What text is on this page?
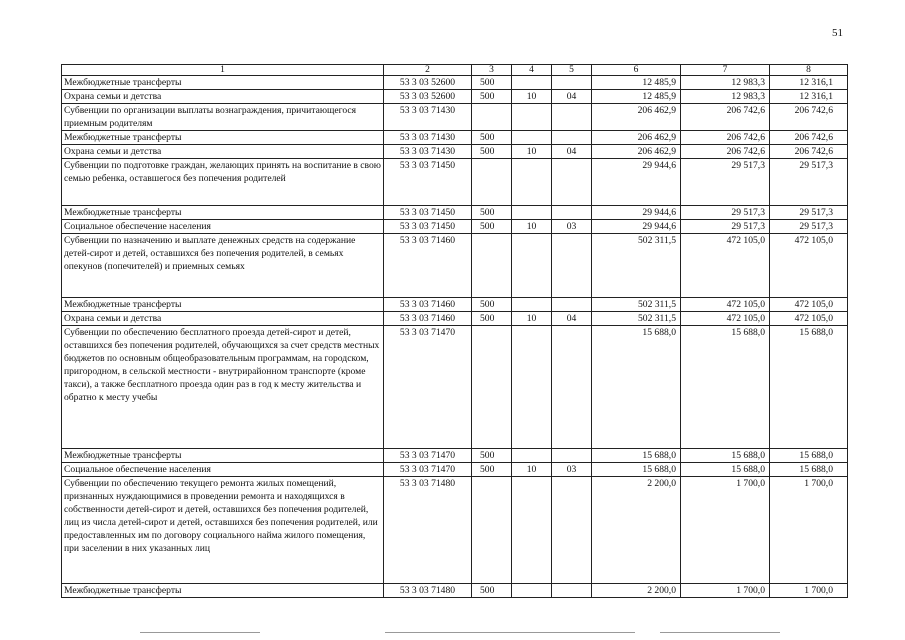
51
1	2	3	4	5	6	7	8
Межбюджетные трансферты	53 3 03 52600	500			12 485,9	12 983,3	12 316,1
Охрана семьи и детства	53 3 03 52600	500	10	04	12 485,9	12 983,3	12 316,1
Субвенции по организации выплаты вознаграждения, причитающегося приемным родителям	53 3 03 71430				206 462,9	206 742,6	206 742,6
Межбюджетные трансферты	53 3 03 71430	500			206 462,9	206 742,6	206 742,6
Охрана семьи и детства	53 3 03 71430	500	10	04	206 462,9	206 742,6	206 742,6
Субвенции по подготовке граждан, желающих принять на воспитание в свою семью ребенка, оставшегося без попечения родителей	53 3 03 71450				29 944,6	29 517,3	29 517,3
Межбюджетные трансферты	53 3 03 71450	500			29 944,6	29 517,3	29 517,3
Социальное обеспечение населения	53 3 03 71450	500	10	03	29 944,6	29 517,3	29 517,3
Субвенции по назначению и выплате денежных средств на содержание детей-сирот и детей, оставшихся без попечения родителей, в семьях опекунов (попечителей) и приемных семьях	53 3 03 71460				502 311,5	472 105,0	472 105,0
Межбюджетные трансферты	53 3 03 71460	500			502 311,5	472 105,0	472 105,0
Охрана семьи и детства	53 3 03 71460	500	10	04	502 311,5	472 105,0	472 105,0
Субвенции по обеспечению бесплатного проезда детей-сирот и детей, оставшихся без попечения родителей, обучающихся за счет средств местных бюджетов по основным общеобразовательным программам, на городском, пригородном, в сельской местности - внутрирайонном транспорте (кроме такси), а также бесплатного проезда один раз в год к месту жительства и обратно к месту учебы	53 3 03 71470				15 688,0	15 688,0	15 688,0
Межбюджетные трансферты	53 3 03 71470	500			15 688,0	15 688,0	15 688,0
Социальное обеспечение населения	53 3 03 71470	500	10	03	15 688,0	15 688,0	15 688,0
Субвенции по обеспечению текущего ремонта жилых помещений, признанных нуждающимися в проведении ремонта и находящихся в собственности детей-сирот и детей, оставшихся без попечения родителей, лиц из числа детей-сирот и детей, оставшихся без попечения родителей, или предоставленных им по договору социального найма жилого помещения, при заселении в них указанных лиц	53 3 03 71480				2 200,0	1 700,0	1 700,0
Межбюджетные трансферты	53 3 03 71480	500			2 200,0	1 700,0	1 700,0
